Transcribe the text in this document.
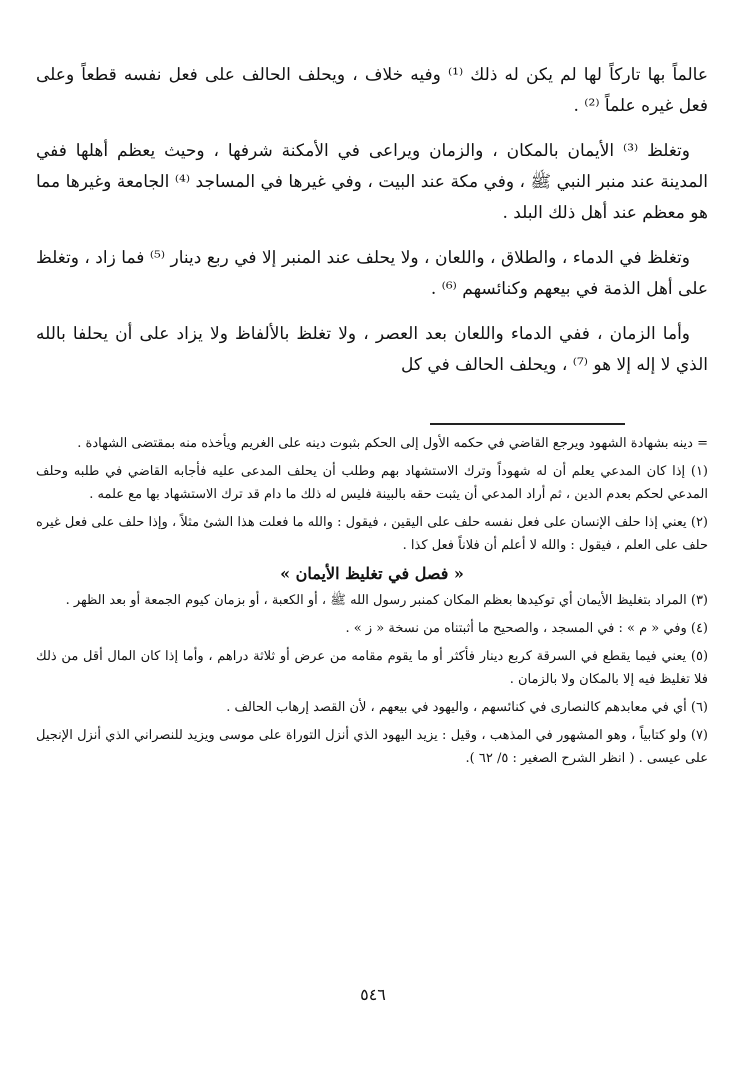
عالماً بها تاركاً لها لم يكن له ذلك ⁽¹⁾ وفيه خلاف ، ويحلف الحالف على فعل نفسه قطعاً وعلى فعل غيره علماً ⁽²⁾ .

وتغلظ ⁽³⁾ الأيمان بالمكان ، والزمان ويراعى في الأمكنة شرفها ، وحيث يعظم أهلها ففي المدينة عند منبر النبي ﷺ ، وفي مكة عند البيت ، وفي غيرها في المساجد ⁽⁴⁾ الجامعة وغيرها مما هو معظم عند أهل ذلك البلد .

وتغلظ في الدماء ، والطلاق ، واللعان ، ولا يحلف عند المنبر إلا في ربع دينار ⁽⁵⁾ فما زاد ، وتغلظ على أهل الذمة في بيعهم وكنائسهم ⁽⁶⁾ .

وأما الزمان ، ففي الدماء واللعان بعد العصر ، ولا تغلظ بالألفاظ ولا يزاد على أن يحلفا بالله الذي لا إله إلا هو ⁽⁷⁾ ، ويحلف الحالف في كل

= دينه بشهادة الشهود ويرجع القاضي في حكمه الأول إلى الحكم بثبوت دينه على الغريم ويأخذه منه بمقتضى الشهادة .

(١) إذا كان المدعي يعلم أن له شهوداً وترك الاستشهاد بهم وطلب أن يحلف المدعى عليه فأجابه القاضي في طلبه وحلف المدعي لحكم بعدم الدين ، ثم أراد المدعي أن يثبت حقه بالبينة فليس له ذلك ما دام قد ترك الاستشهاد بها مع علمه .

(٢) يعني إذا حلف الإنسان على فعل نفسه حلف على اليقين ، فيقول : والله ما فعلت هذا الشئ مثلاً ، وإذا حلف على فعل غيره حلف على العلم ، فيقول : والله لا أعلم أن فلاناً فعل كذا .

« فصل في تغليظ الأيمان »

(٣) المراد بتغليظ الأيمان أي توكيدها بعظم المكان كمنبر رسول الله ﷺ ، أو الكعبة ، أو بزمان كيوم الجمعة أو بعد الظهر .

(٤) وفي « م » : في المسجد ، والصحيح ما أثبتناه من نسخة « ز » .

(٥) يعني فيما يقطع في السرقة كربع دينار فأكثر أو ما يقوم مقامه من عرض أو ثلاثة دراهم ، وأما إذا كان المال أقل من ذلك فلا تغليظ فيه إلا بالمكان ولا بالزمان .

(٦) أي في معابدهم كالنصارى في كنائسهم ، واليهود في بيعهم ، لأن القصد إرهاب الحالف .

(٧) ولو كتابياً ، وهو المشهور في المذهب ، وقيل : يزيد اليهود الذي أنزل التوراة على موسى ويزيد للنصراني الذي أنزل الإنجيل على عيسى . ( انظر الشرح الصغير : ٥/ ٦٢ ).

٥٤٦
